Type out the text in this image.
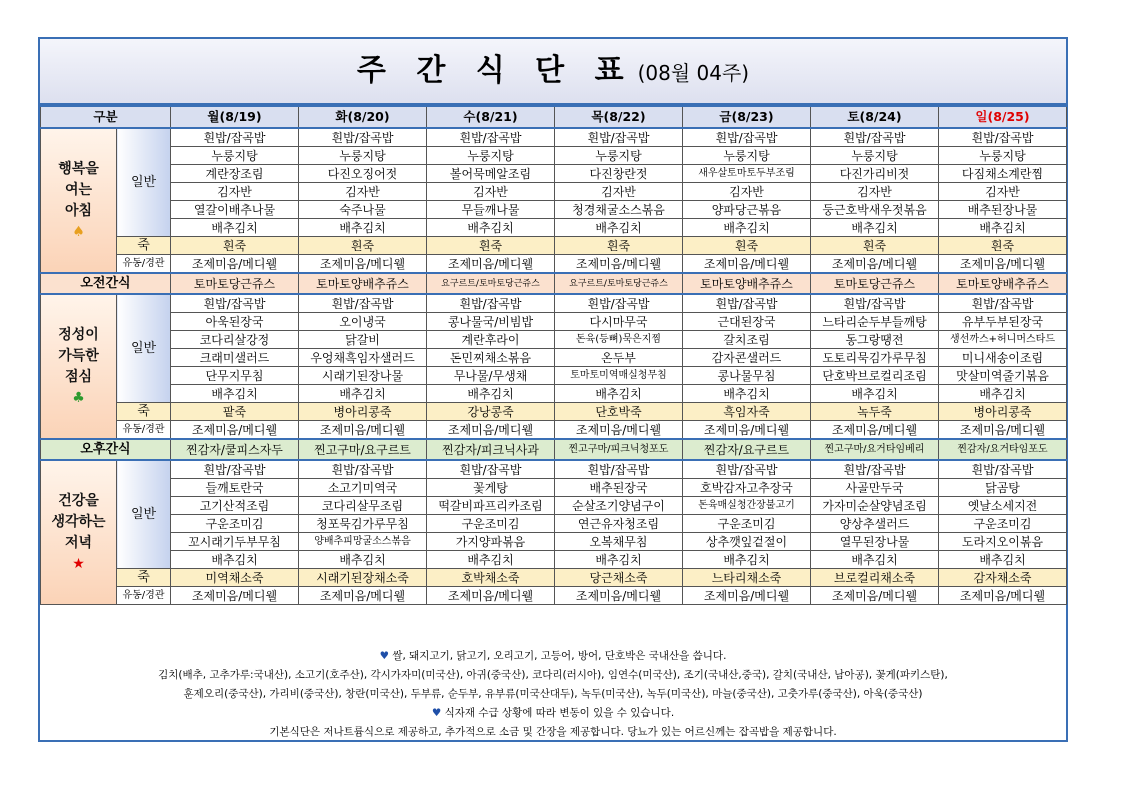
주 간 식 단 표 (08월 04주)
구분		월(8/19)	화(8/20)	수(8/21)	목(8/22)	금(8/23)	토(8/24)	일(8/25)

행복을
여는
아침
♠	일반	흰밥/잡곡밥	흰밥/잡곡밥	흰밥/잡곡밥	흰밥/잡곡밥	흰밥/잡곡밥	흰밥/잡곡밥	흰밥/잡곡밥
		누룽지탕	누룽지탕	누룽지탕	누룽지탕	누룽지탕	누룽지탕	누룽지탕
		계란장조림	다진오징어젓	볼어묵메알조림	다진창란젓	새우살토마토두부조림	다진가리비젓	다짐채소계란찜
		김자반	김자반	김자반	김자반	김자반	김자반	김자반
		열갈이배추나물	숙주나물	무들깨나물	청경채굴소스볶음	양파당근볶음	둥근호박새우젓볶음	배추된장나물
		배추김치	배추김치	배추김치	배추김치	배추김치	배추김치	배추김치
	죽	흰죽	흰죽	흰죽	흰죽	흰죽	흰죽	흰죽
	유동/경관	조제미음/메디웰	조제미음/메디웰	조제미음/메디웰	조제미음/메디웰	조제미음/메디웰	조제미음/메디웰	조제미음/메디웰
오전간식		토마토당근쥬스	토마토양배추쥬스	요구르트/토마토당근쥬스	요구르트/토마토당근쥬스	토마토양배추쥬스	토마토당근쥬스	토마토양배추쥬스

정성이
가득한
점심
♣	일반	흰밥/잡곡밥	흰밥/잡곡밥	흰밥/잡곡밥	흰밥/잡곡밥	흰밥/잡곡밥	흰밥/잡곡밥	흰밥/잡곡밥
		아욱된장국	오이냉국	콩나물국/비빔밥	다시마무국	근대된장국	느타리순두부들깨탕	유부두부된장국
		코다리살강정	닭갈비	계란후라이	돈육(등뼈)묵은지찜	갈치조림	동그랑땡전	생선까스+허니머스타드
		크래미샐러드	우엉채흑임자샐러드	돈민찌채소볶음	온두부	감자콘샐러드	도토리묵김가루무침	미니새송이조림
		단무지무침	시래기된장나물	무나물/무생채	토마토미역매실청무침	콩나물무침	단호박브로컬리조림	맛살미역줄기볶음
		배추김치	배추김치	배추김치	배추김치	배추김치	배추김치	배추김치
	죽	팥죽	병아리콩죽	강낭콩죽	단호박죽	흑임자죽	녹두죽	병아리콩죽
	유동/경관	조제미음/메디웰	조제미음/메디웰	조제미음/메디웰	조제미음/메디웰	조제미음/메디웰	조제미음/메디웰	조제미음/메디웰
오후간식		찐감자/쿨피스자두	찐고구마/요구르트	찐감자/피크닉사과	찐고구마/피크닉청포도	찐감자/요구르트	찐고구마/요거타임베리	찐감자/요거타임포도

건강을
생각하는
저녁
★	일반	흰밥/잡곡밥	흰밥/잡곡밥	흰밥/잡곡밥	흰밥/잡곡밥	흰밥/잡곡밥	흰밥/잡곡밥	흰밥/잡곡밥
		들깨토란국	소고기미역국	꽃게탕	배추된장국	호박감자고추장국	사골만두국	닭곰탕
		고기산적조림	코다리살무조림	떡갈비파프리카조림	순살조기양념구이	돈육매실청간장불고기	가자미순살양념조림	옛날소세지전
		구운조미김	청포묵김가루무침	구운조미김	연근유자청조림	구운조미김	양상추샐러드	구운조미김
		꼬시래기두부무침	양배추피망굴소스볶음	가지양파볶음	오복채무침	상추깻잎겉절이	열무된장나물	도라지오이볶음
		배추김치	배추김치	배추김치	배추김치	배추김치	배추김치	배추김치
	죽	미역채소죽	시래기된장채소죽	호박채소죽	당근채소죽	느타리채소죽	브로컬리채소죽	감자채소죽
	유동/경관	조제미음/메디웰	조제미음/메디웰	조제미음/메디웰	조제미음/메디웰	조제미음/메디웰	조제미음/메디웰	조제미음/메디웰
♥ 쌀, 돼지고기, 닭고기, 오리고기, 고등어, 방어, 단호박은 국내산을 씁니다.
김치(배추, 고추가루:국내산), 소고기(호주산), 각시가자미(미국산), 아귀(중국산), 코다리(러시아), 임연수(미국산), 조기(국내산,중국), 갈치(국내산, 남아공), 꽃게(파키스탄),
훈제오리(중국산), 가리비(중국산), 창란(미국산), 두부류, 순두부, 유부류(미국산대두), 녹두(미국산), 녹두(미국산), 마늘(중국산), 고춧가루(중국산), 아욱(중국산)
♥ 식자재 수급 상황에 따라 변동이 있을 수 있습니다.
기본식단은 저나트륨식으로 제공하고, 추가적으로 소금 및 간장을 제공합니다. 당뇨가 있는 어르신께는 잡곡밥을 제공합니다.
